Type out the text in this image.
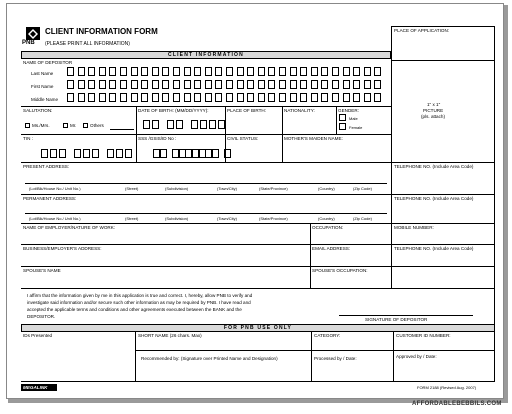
PNB
CLIENT INFORMATION FORM
(PLEASE PRINT ALL INFORMATION)
PLACE OF APPLICATION:
CLIENT INFORMATION
NAME OF DEPOSITOR
Last Name
First Name
Middle Name
1" x 1"
PICTURE
(pls. attach)
SALUTATION:
Ms./Mrs.	Mr.	Others
DATE OF BIRTH: (MM/DD/YYYY):	PLACE OF BIRTH:	NATIONALITY:	GENDER:
Male
Female
TIN :	SSS /GSIS/ID No :	CIVIL STATUS:	MOTHER'S MAIDEN NAME:
PRESENT ADDRESS:	TELEPHONE NO. (Include Area Code)
(Lot/Blk/House No./ Unit No.)	(Street)	(Subdivision)	(Town/City)	(State/Province)	(Country)	(Zip Code)
PERMANENT ADDRESS:	TELEPHONE NO. (Include Area Code)
(Lot/Blk/House No./ Unit No.)	(Street)	(Subdivision)	(Town/City)	(State/Province)	(Country)	(Zip Code)
NAME OF EMPLOYER/NATURE OF WORK:	OCCUPATION:	MOBILE NUMBER:
BUSINESS/EMPLOYER'S ADDRESS:	EMAIL ADDRESS:	TELEPHONE NO. (Include Area Code)
SPOUSE'S NAME	SPOUSE'S OCCUPATION:
I affirm that the information given by me in this application is true and correct. I, hereby, allow PNB to verify and
investigate said information and/or secure such other information as may be required by PNB. I have read and
accepted the applicable terms and conditions and other agreements executed between the BANK and the
DEPOSITOR.
SIGNATURE OF DEPOSITOR
FOR PNB USE ONLY
IDs Presented	SHORT NAME (26 chars. Max)	CATEGORY:	CUSTOMER ID NUMBER:
Recommended by: (Signature over Printed Name and Designation)	Processed by / Date:	Approved by / Date:
MEGALINK	FORM 2188 (Revised Aug. 2007)
AFFORDABLEBEBBILS.COM
